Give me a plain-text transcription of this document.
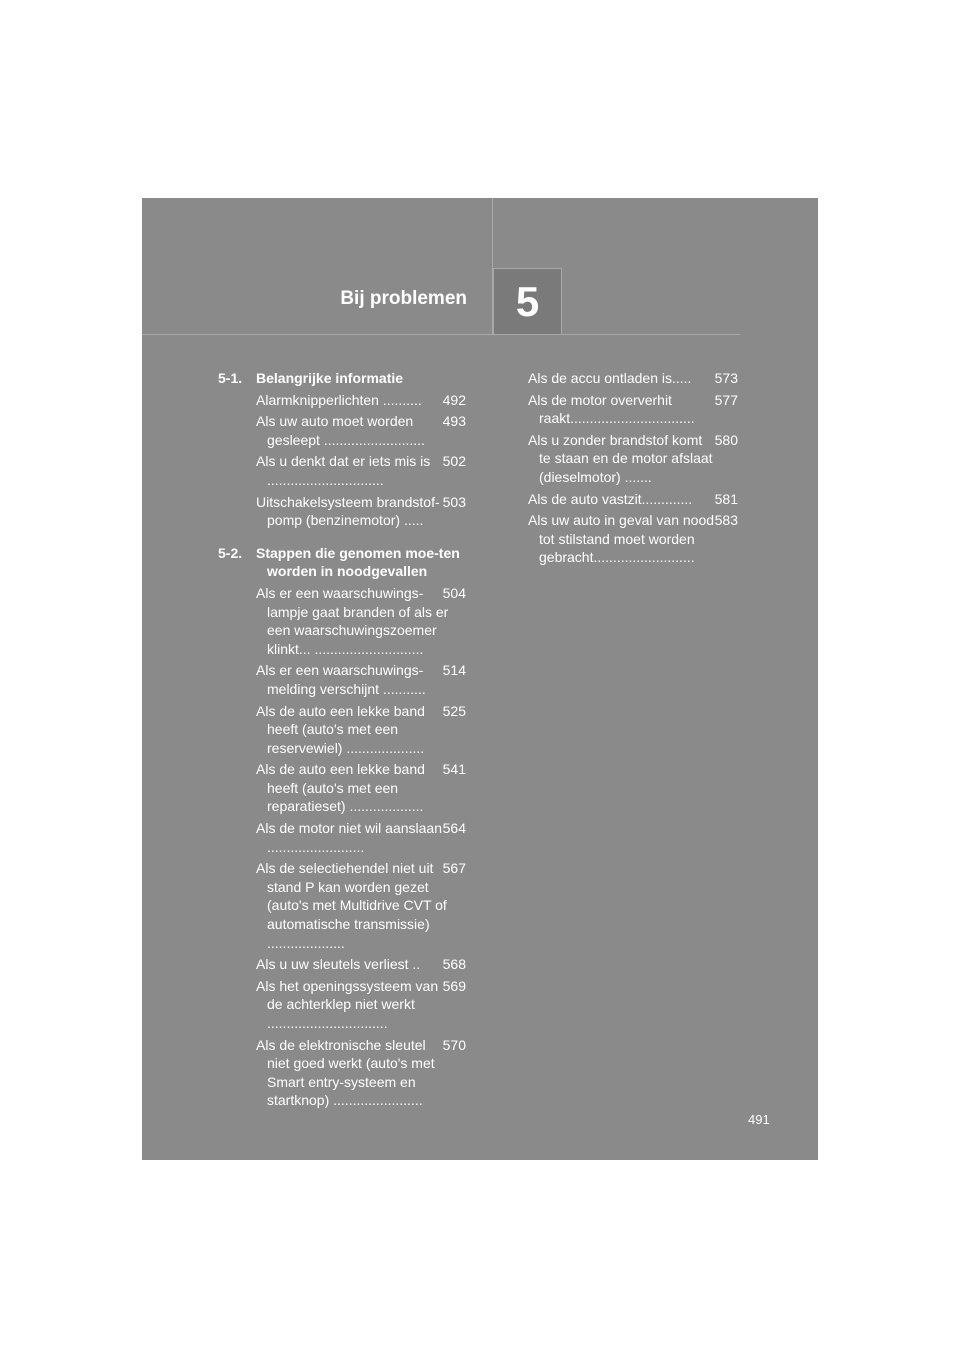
Bij problemen	5
5-1. Belangrijke informatie
492
Alarmknipperlichten ..........
493
Als uw auto moet worden gesleept ..........................
502
Als u denkt dat er iets mis is ..............................
503
Uitschakelsysteem brandstof-pomp (benzinemotor) .....
5-2. Stappen die genomen moe-ten worden in noodgevallen
504
Als er een waarschuwings-lampje gaat branden of als er een waarschuwingszoemer klinkt... ............................
514
Als er een waarschuwings-melding verschijnt ...........
525
Als de auto een lekke band heeft (auto's met een reservewiel) ....................
541
Als de auto een lekke band heeft (auto's met een reparatieset) ...................
564
Als de motor niet wil aanslaan .........................
567
Als de selectiehendel niet uit stand P kan worden gezet (auto's met Multidrive CVT of automatische transmissie) ....................
568
Als u uw sleutels verliest ..
569
Als het openingssysteem van de achterklep niet werkt ...............................
570
Als de elektronische sleutel niet goed werkt (auto's met Smart entry-systeem en startknop) .......................
573
Als de accu ontladen is.....
577
Als de motor oververhit raakt................................
580
Als u zonder brandstof komt te staan en de motor afslaat (dieselmotor) .......
581
Als de auto vastzit.............
583
Als uw auto in geval van nood tot stilstand moet worden gebracht..........................
491
